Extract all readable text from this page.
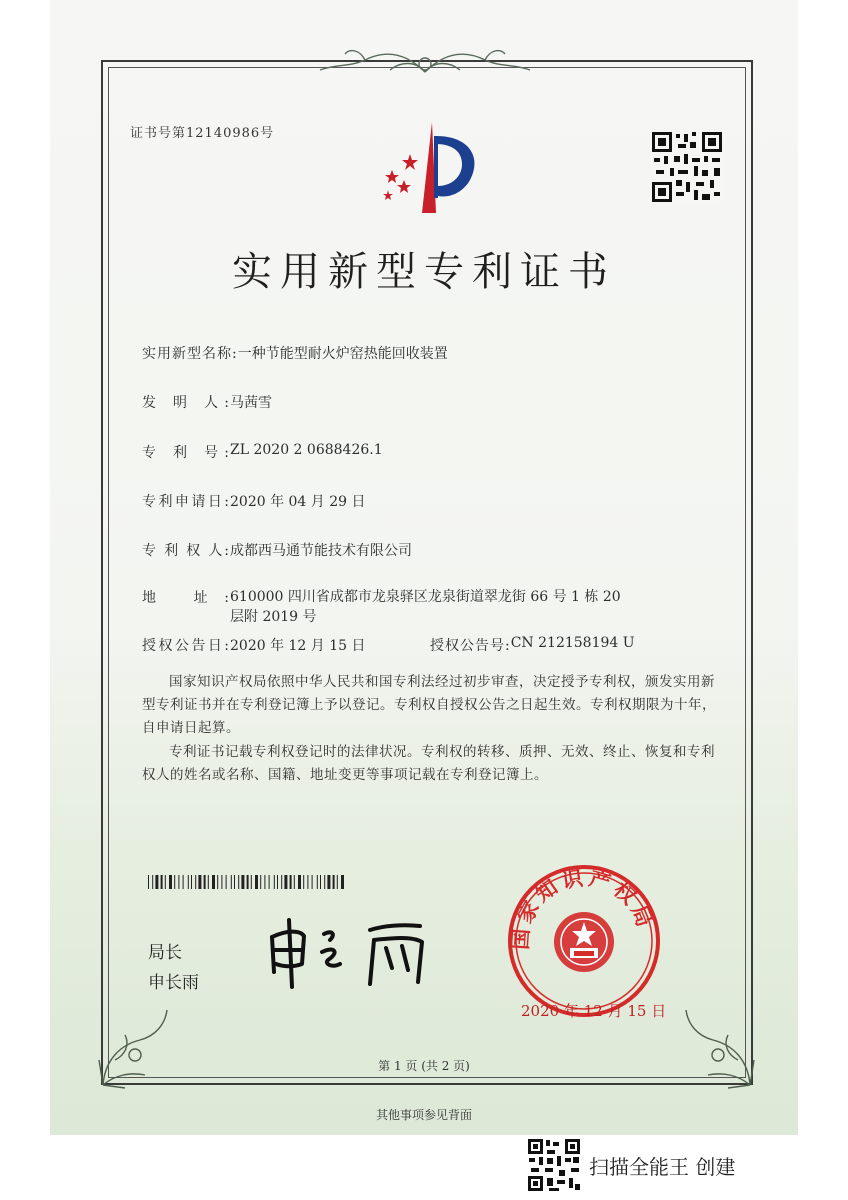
证书号第12140986号
实用新型专利证书
实用新型名称:一种节能型耐火炉窑热能回收装置
发 明 人:马茜雪
专 利 号:ZL 2020 2 0688426.1
专利申请日:2020 年 04 月 29 日
专 利 权 人:成都西马通节能技术有限公司
地 址:610000 四川省成都市龙泉驿区龙泉街道翠龙街 66 号 1 栋 20 层附 2019 号
授权公告日:2020 年 12 月 15 日	授权公告号:CN 212158194 U
国家知识产权局依照中华人民共和国专利法经过初步审查，决定授予专利权，颁发实用新型专利证书并在专利登记簿上予以登记。专利权自授权公告之日起生效。专利权期限为十年，自申请日起算。
专利证书记载专利权登记时的法律状况。专利权的转移、质押、无效、终止、恢复和专利权人的姓名或名称、国籍、地址变更等事项记载在专利登记簿上。
局长
申长雨
国家知识产权局
2020 年 12 月 15 日
第 1 页 (共 2 页)
其他事项参见背面
扫描全能王 创建
